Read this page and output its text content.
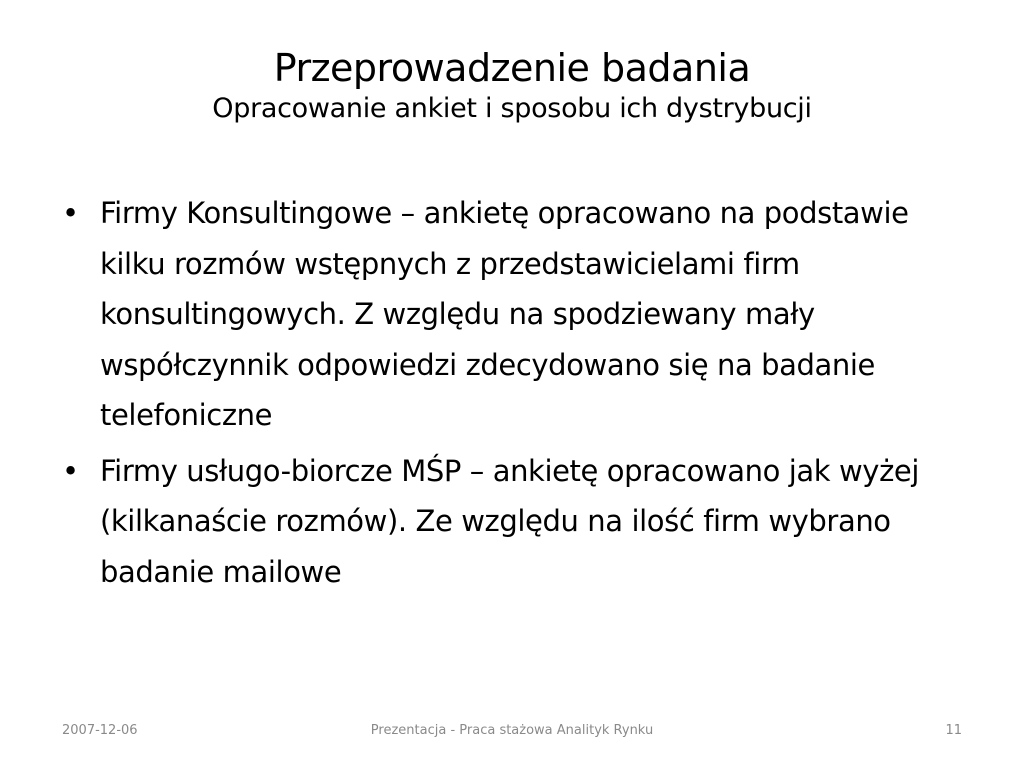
Przeprowadzenie badania
Opracowanie ankiet i sposobu ich dystrybucji
• Firmy Konsultingowe – ankietę opracowano na podstawie kilku rozmów wstępnych z przedstawicielami firm konsultingowych. Z względu na spodziewany mały współczynnik odpowiedzi zdecydowano się na badanie telefoniczne
• Firmy usługo-biorcze MŚP – ankietę opracowano jak wyżej (kilkanaście rozmów). Ze względu na ilość firm wybrano badanie mailowe
2007-12-06	Prezentacja - Praca stażowa Analityk Rynku	11
